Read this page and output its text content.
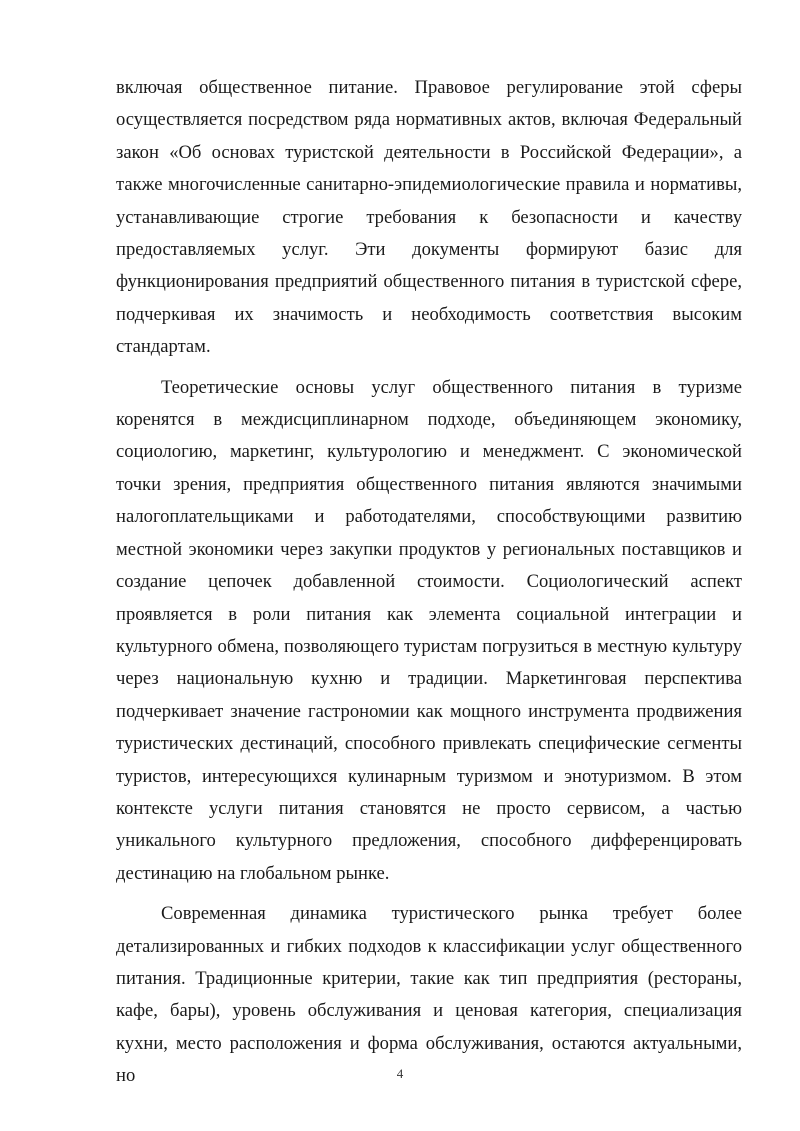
включая общественное питание. Правовое регулирование этой сферы осуществляется посредством ряда нормативных актов, включая Федеральный закон «Об основах туристской деятельности в Российской Федерации», а также многочисленные санитарно-эпидемиологические правила и нормативы, устанавливающие строгие требования к безопасности и качеству предоставляемых услуг. Эти документы формируют базис для функционирования предприятий общественного питания в туристской сфере, подчеркивая их значимость и необходимость соответствия высоким стандартам.

Теоретические основы услуг общественного питания в туризме коренятся в междисциплинарном подходе, объединяющем экономику, социологию, маркетинг, культурологию и менеджмент. С экономической точки зрения, предприятия общественного питания являются значимыми налогоплательщиками и работодателями, способствующими развитию местной экономики через закупки продуктов у региональных поставщиков и создание цепочек добавленной стоимости. Социологический аспект проявляется в роли питания как элемента социальной интеграции и культурного обмена, позволяющего туристам погрузиться в местную культуру через национальную кухню и традиции. Маркетинговая перспектива подчеркивает значение гастрономии как мощного инструмента продвижения туристических дестинаций, способного привлекать специфические сегменты туристов, интересующихся кулинарным туризмом и энотуризмом. В этом контексте услуги питания становятся не просто сервисом, а частью уникального культурного предложения, способного дифференцировать дестинацию на глобальном рынке.

Современная динамика туристического рынка требует более детализированных и гибких подходов к классификации услуг общественного питания. Традиционные критерии, такие как тип предприятия (рестораны, кафе, бары), уровень обслуживания и ценовая категория, специализация кухни, место расположения и форма обслуживания, остаются актуальными, но	4
